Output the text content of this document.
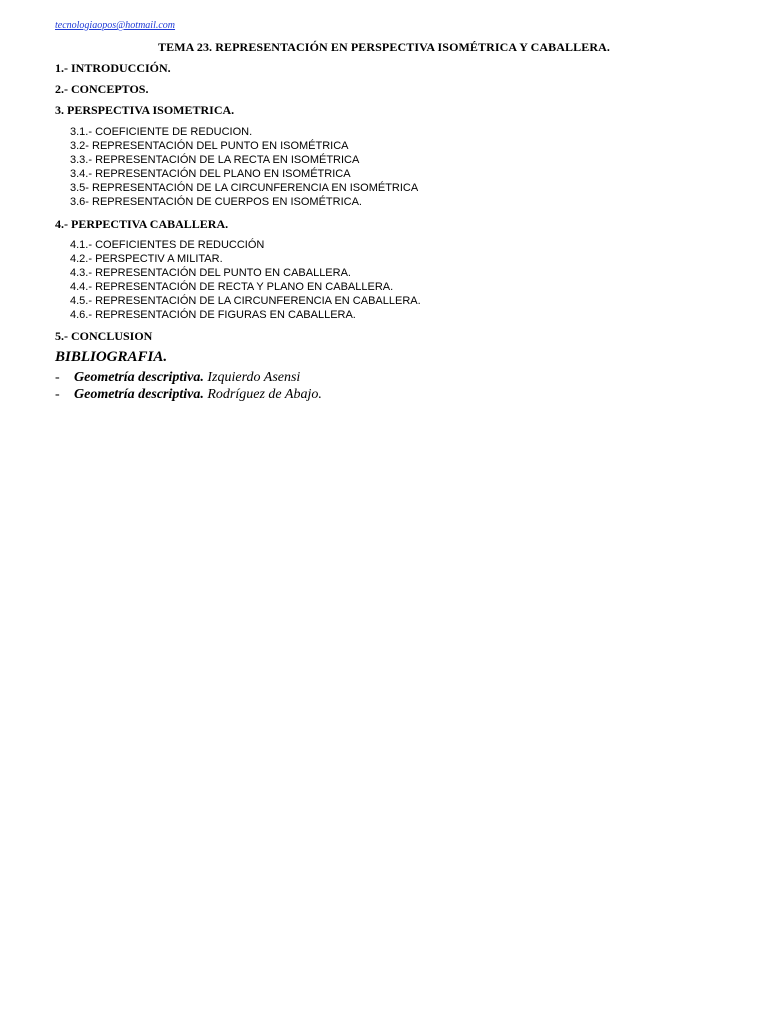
tecnologiaopos@hotmail.com
TEMA 23. REPRESENTACIÓN EN PERSPECTIVA ISOMÉTRICA Y CABALLERA.
1.- INTRODUCCIÓN.
2.- CONCEPTOS.
3. PERSPECTIVA ISOMETRICA.
3.1.- COEFICIENTE DE REDUCION.
3.2- REPRESENTACIÓN DEL PUNTO EN ISOMÉTRICA
3.3.- REPRESENTACIÓN DE LA RECTA EN ISOMÉTRICA
3.4.- REPRESENTACIÓN DEL PLANO EN ISOMÉTRICA
3.5- REPRESENTACIÓN DE LA CIRCUNFERENCIA EN ISOMÉTRICA
3.6- REPRESENTACIÓN DE CUERPOS EN ISOMÉTRICA.
4.- PERPECTIVA CABALLERA.
4.1.- COEFICIENTES DE REDUCCIÓN
4.2.- PERSPECTIV A MILITAR.
4.3.- REPRESENTACIÓN DEL PUNTO EN CABALLERA.
4.4.- REPRESENTACIÓN DE RECTA Y PLANO EN CABALLERA.
4.5.- REPRESENTACIÓN DE LA CIRCUNFERENCIA EN CABALLERA.
4.6.- REPRESENTACIÓN DE FIGURAS EN CABALLERA.
5.- CONCLUSION
BIBLIOGRAFIA.
- Geometría descriptiva. Izquierdo Asensi
- Geometría descriptiva. Rodríguez de Abajo.
